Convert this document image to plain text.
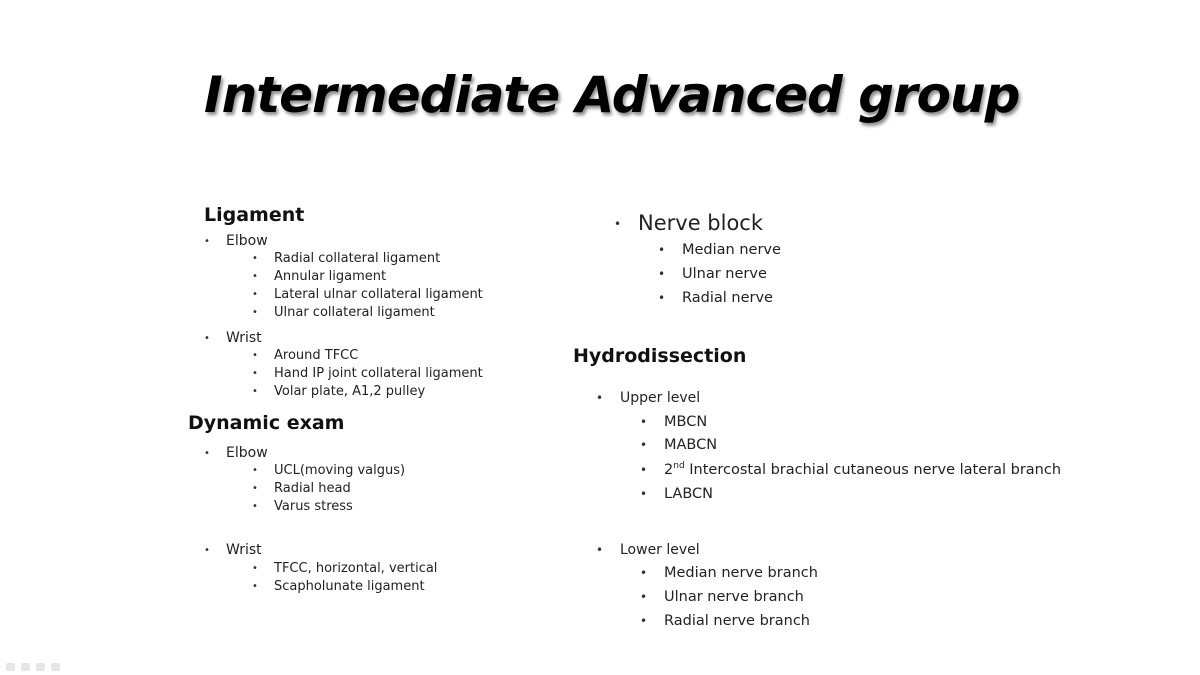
Intermediate Advanced group
Ligament
• Elbow
• Radial collateral ligament
• Annular ligament
• Lateral ulnar collateral ligament
• Ulnar collateral ligament
• Wrist
• Around TFCC
• Hand IP joint collateral ligament
• Volar plate, A1,2 pulley
Dynamic exam
• Elbow
• UCL(moving valgus)
• Radial head
• Varus stress
• Wrist
• TFCC, horizontal, vertical
• Scapholunate ligament
• Nerve block
• Median nerve
• Ulnar nerve
• Radial nerve
Hydrodissection
• Upper level
• MBCN
• MABCN
• 2nd Intercostal brachial cutaneous nerve lateral branch
• LABCN
• Lower level
• Median nerve branch
• Ulnar nerve branch
• Radial nerve branch
